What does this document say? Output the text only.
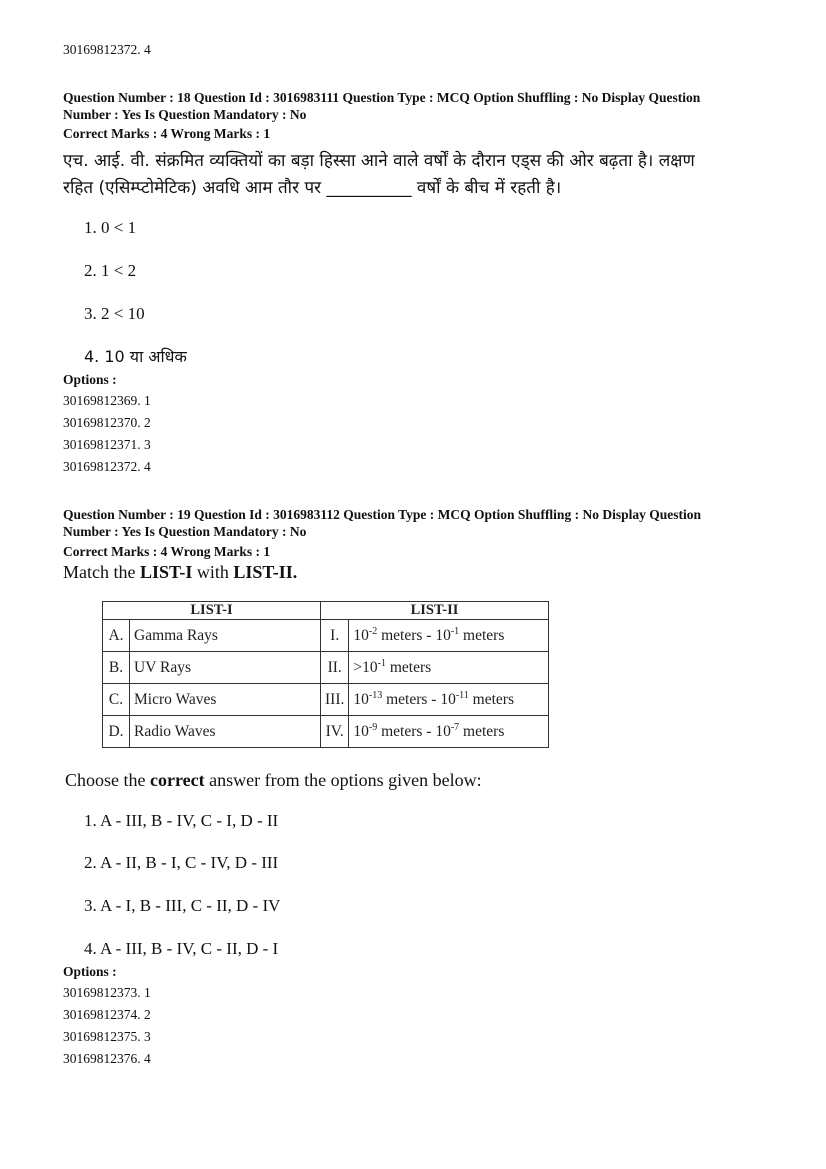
30169812372. 4
Question Number : 18 Question Id : 3016983111 Question Type : MCQ Option Shuffling : No Display Question
Number : Yes Is Question Mandatory : No
Correct Marks : 4 Wrong Marks : 1
एच. आई. वी. संक्रमित व्यक्तियों का बड़ा हिस्सा आने वाले वर्षों के दौरान एड्स की ओर बढ़ता है। लक्षण
रहित (एसिम्प्टोमेटिक) अवधि आम तौर पर __________ वर्षों के बीच में रहती है।
1. 0 < 1
2. 1 < 2
3. 2 < 10
4. 10 या अधिक
Options :
30169812369. 1
30169812370. 2
30169812371. 3
30169812372. 4
Question Number : 19 Question Id : 3016983112 Question Type : MCQ Option Shuffling : No Display Question
Number : Yes Is Question Mandatory : No
Correct Marks : 4 Wrong Marks : 1
Match the LIST-I with LIST-II.
LIST-I		LIST-II	
A.	Gamma Rays	I.	$10^{-2}$ meters - $10^{-1}$ meters
B.	UV Rays	II.	$>10^{-1}$ meters
C.	Micro Waves	III.	$10^{-13}$ meters - $10^{-11}$ meters
D.	Radio Waves	IV.	$10^{-9}$ meters - $10^{-7}$ meters
Choose the correct answer from the options given below:
1. A - III, B - IV, C - I, D - II
2. A - II, B - I, C - IV, D - III
3. A - I, B - III, C - II, D - IV
4. A - III, B - IV, C - II, D - I
Options :
30169812373. 1
30169812374. 2
30169812375. 3
30169812376. 4
